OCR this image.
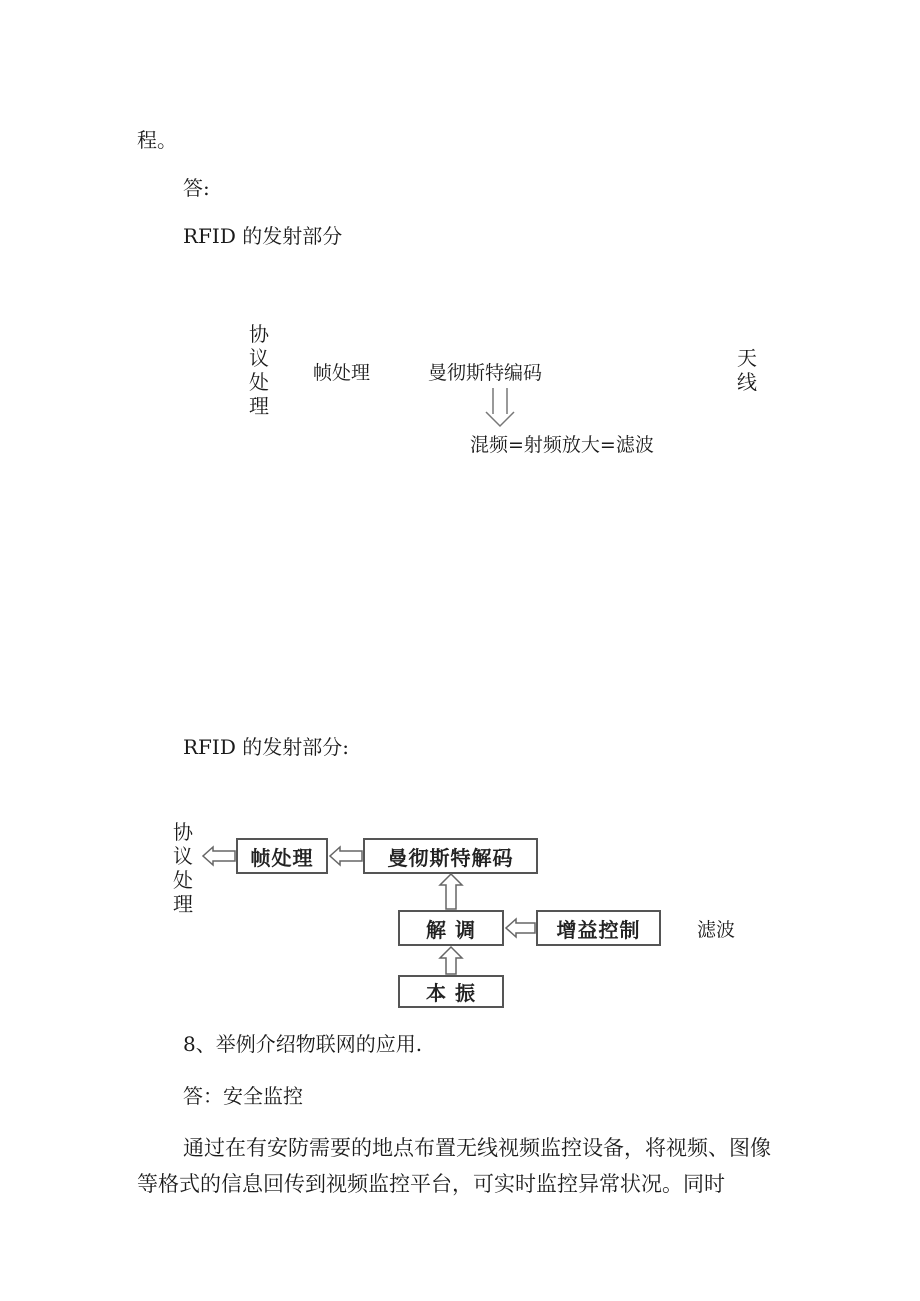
程。
答:
RFID 的发射部分
协
议
处
理
帧处理	曼彻斯特编码
天
线
混频=射频放大=滤波
RFID 的发射部分:
协
议
处
理
帧处理	曼彻斯特解码
解 调	增益控制	滤波
本 振
8、举例介绍物联网的应用.
答：安全监控
通过在有安防需要的地点布置无线视频监控设备，将视频、图像等格式的信息回传到视频监控平台，可实时监控异常状况。同时
